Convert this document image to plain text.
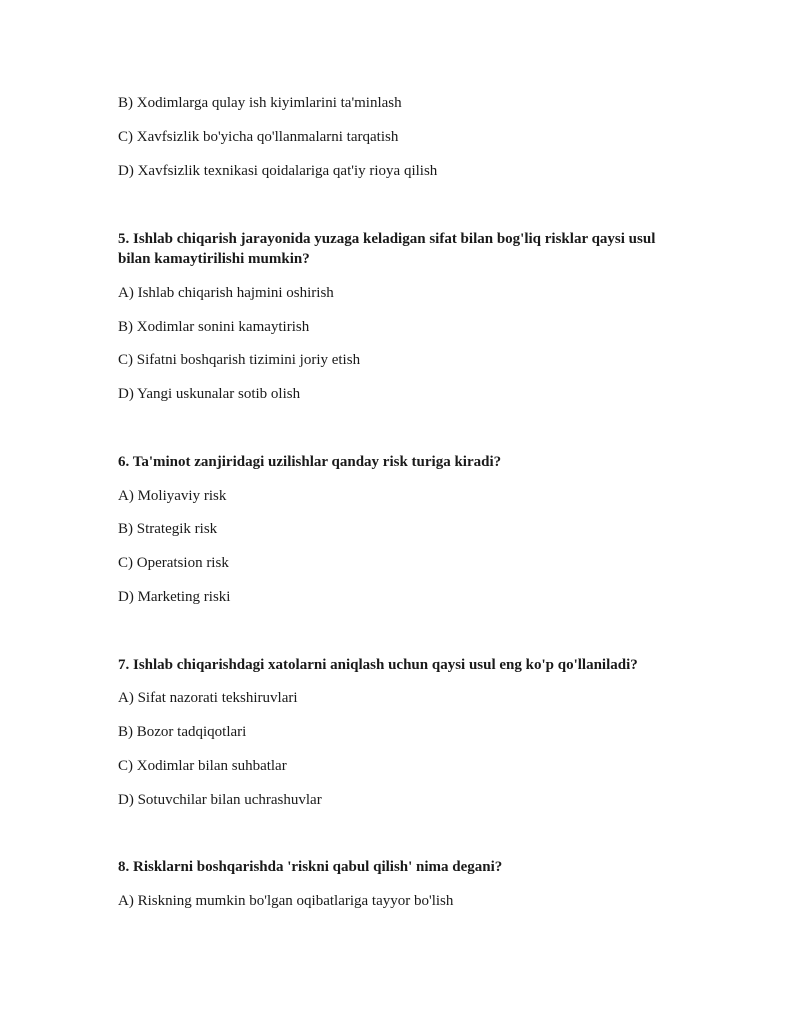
B) Xodimlarga qulay ish kiyimlarini ta'minlash

C) Xavfsizlik bo'yicha qo'llanmalarni tarqatish

D) Xavfsizlik texnikasi qoidalariga qat'iy rioya qilish

5. Ishlab chiqarish jarayonida yuzaga keladigan sifat bilan bog'liq risklar qaysi usul
bilan kamaytirilishi mumkin?

A) Ishlab chiqarish hajmini oshirish

B) Xodimlar sonini kamaytirish

C) Sifatni boshqarish tizimini joriy etish

D) Yangi uskunalar sotib olish

6. Ta'minot zanjiridagi uzilishlar qanday risk turiga kiradi?

A) Moliyaviy risk

B) Strategik risk

C) Operatsion risk

D) Marketing riski

7. Ishlab chiqarishdagi xatolarni aniqlash uchun qaysi usul eng ko'p qo'llaniladi?

A) Sifat nazorati tekshiruvlari

B) Bozor tadqiqotlari

C) Xodimlar bilan suhbatlar

D) Sotuvchilar bilan uchrashuvlar

8. Risklarni boshqarishda 'riskni qabul qilish' nima degani?

A) Riskning mumkin bo'lgan oqibatlariga tayyor bo'lish
